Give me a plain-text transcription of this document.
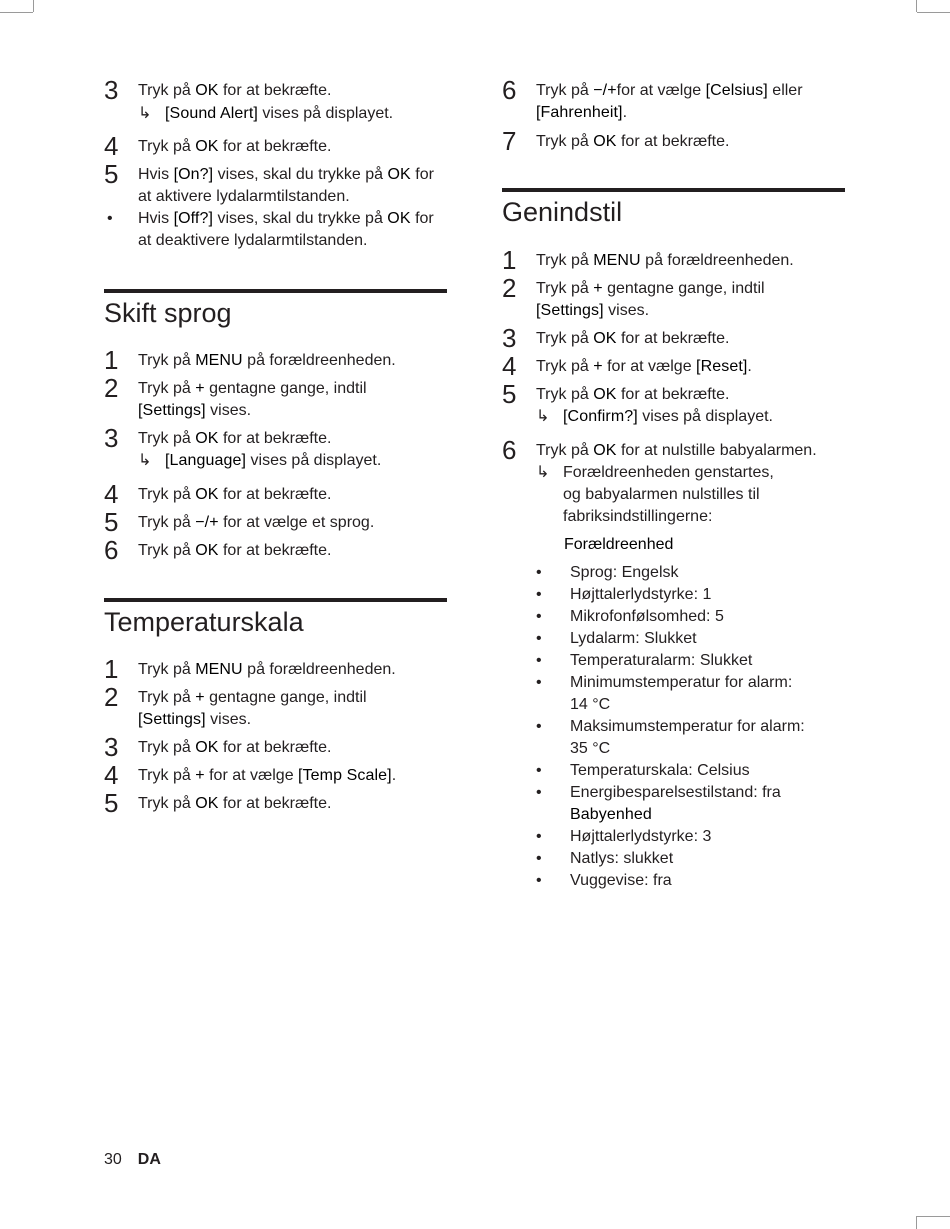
3 Tryk på OK for at bekræfte.
↳ [Sound Alert] vises på displayet.
4 Tryk på OK for at bekræfte.
5 Hvis [On?] vises, skal du trykke på OK for at aktivere lydalarmtilstanden.
• Hvis [Off?] vises, skal du trykke på OK for at deaktivere lydalarmtilstanden.
Skift sprog
1 Tryk på MENU på forældreenheden.
2 Tryk på + gentagne gange, indtil
[Settings] vises.
3 Tryk på OK for at bekræfte.
↳ [Language] vises på displayet.
4 Tryk på OK for at bekræfte.
5 Tryk på −/+ for at vælge et sprog.
6 Tryk på OK for at bekræfte.
Temperaturskala
1 Tryk på MENU på forældreenheden.
2 Tryk på + gentagne gange, indtil
[Settings] vises.
3 Tryk på OK for at bekræfte.
4 Tryk på + for at vælge [Temp Scale].
5 Tryk på OK for at bekræfte.
6 Tryk på −/+for at vælge [Celsius] eller
[Fahrenheit].
7 Tryk på OK for at bekræfte.
Genindstil
1 Tryk på MENU på forældreenheden.
2 Tryk på + gentagne gange, indtil
[Settings] vises.
3 Tryk på OK for at bekræfte.
4 Tryk på + for at vælge [Reset].
5 Tryk på OK for at bekræfte.
↳ [Confirm?] vises på displayet.
6 Tryk på OK for at nulstille babyalarmen.
↳ Forældreenheden genstartes, og babyalarmen nulstilles til fabriksindstillingerne:
Forældreenhed
• Sprog: Engelsk
• Højttalerlydstyrke: 1
• Mikrofonfølsomhed: 5
• Lydalarm: Slukket
• Temperaturalarm: Slukket
• Minimumstemperatur for alarm: 14 °C
• Maksimumstemperatur for alarm: 35 °C
• Temperaturskala: Celsius
• Energibesparelsestilstand: fra
Babyenhed
• Højttalerlydstyrke: 3
• Natlys: slukket
• Vuggevise: fra
30 DA
